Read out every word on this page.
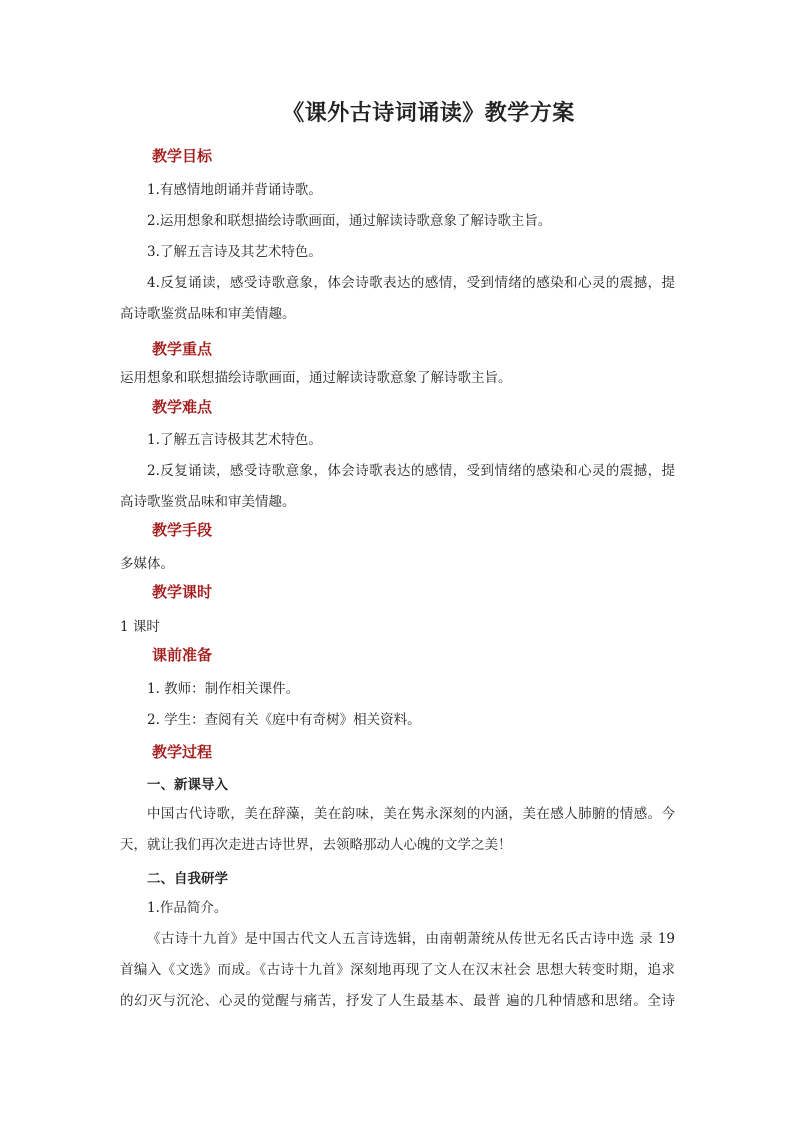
《课外古诗词诵读》教学方案
教学目标
1.有感情地朗诵并背诵诗歌。
2.运用想象和联想描绘诗歌画面，通过解读诗歌意象了解诗歌主旨。
3.了解五言诗及其艺术特色。
4.反复诵读，感受诗歌意象，体会诗歌表达的感情，受到情绪的感染和心灵的震撼，提
高诗歌鉴赏品味和审美情趣。
教学重点
运用想象和联想描绘诗歌画面，通过解读诗歌意象了解诗歌主旨。
教学难点
1.了解五言诗极其艺术特色。
2.反复诵读，感受诗歌意象，体会诗歌表达的感情，受到情绪的感染和心灵的震撼，提
高诗歌鉴赏品味和审美情趣。
教学手段
多媒体。
教学课时
1 课时
课前准备
1. 教师：制作相关课件。
2. 学生：查阅有关《庭中有奇树》相关资料。
教学过程
一、新课导入
中国古代诗歌，美在辞藻，美在韵味，美在隽永深刻的内涵，美在感人肺腑的情感。今
天，就让我们再次走进古诗世界，去领略那动人心魄的文学之美！
二、自我研学
1.作品简介。
《古诗十九首》是中国古代文人五言诗选辑，由南朝萧统从传世无名氏古诗中选 录 19
首编入《文选》而成。《古诗十九首》深刻地再现了文人在汉末社会 思想大转变时期，追求
的幻灭与沉沦、心灵的觉醒与痛苦，抒发了人生最基本、最普 遍的几种情感和思绪。全诗
